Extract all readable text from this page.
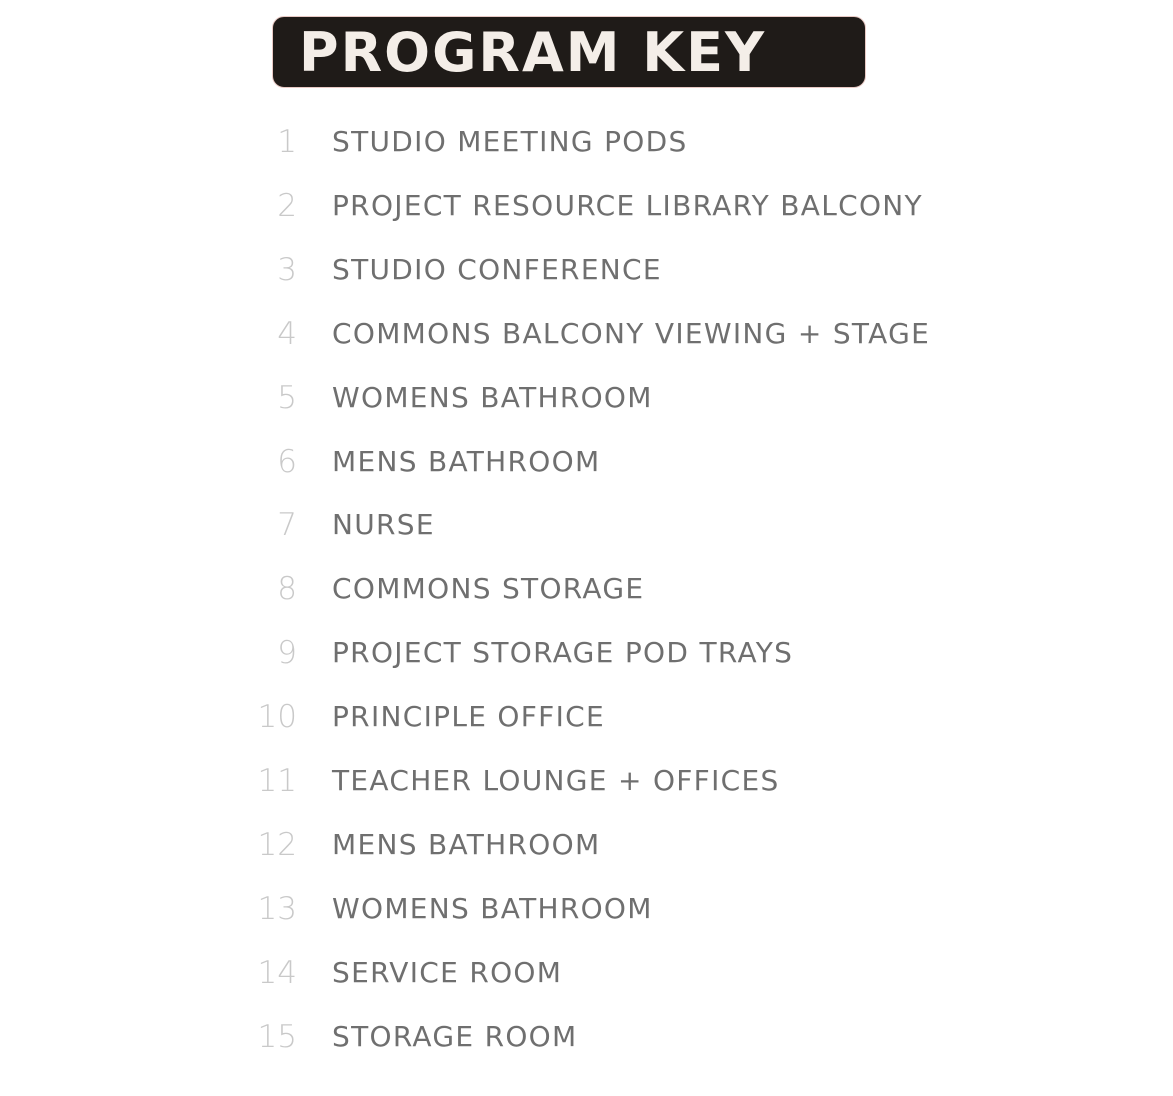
PROGRAM KEY
1 STUDIO MEETING PODS
2 PROJECT RESOURCE LIBRARY BALCONY
3 STUDIO CONFERENCE
4 COMMONS BALCONY VIEWING + STAGE
5 WOMENS BATHROOM
6 MENS BATHROOM
7 NURSE
8 COMMONS STORAGE
9 PROJECT STORAGE POD TRAYS
10 PRINCIPLE OFFICE
11 TEACHER LOUNGE + OFFICES
12 MENS BATHROOM
13 WOMENS BATHROOM
14 SERVICE ROOM
15 STORAGE ROOM
